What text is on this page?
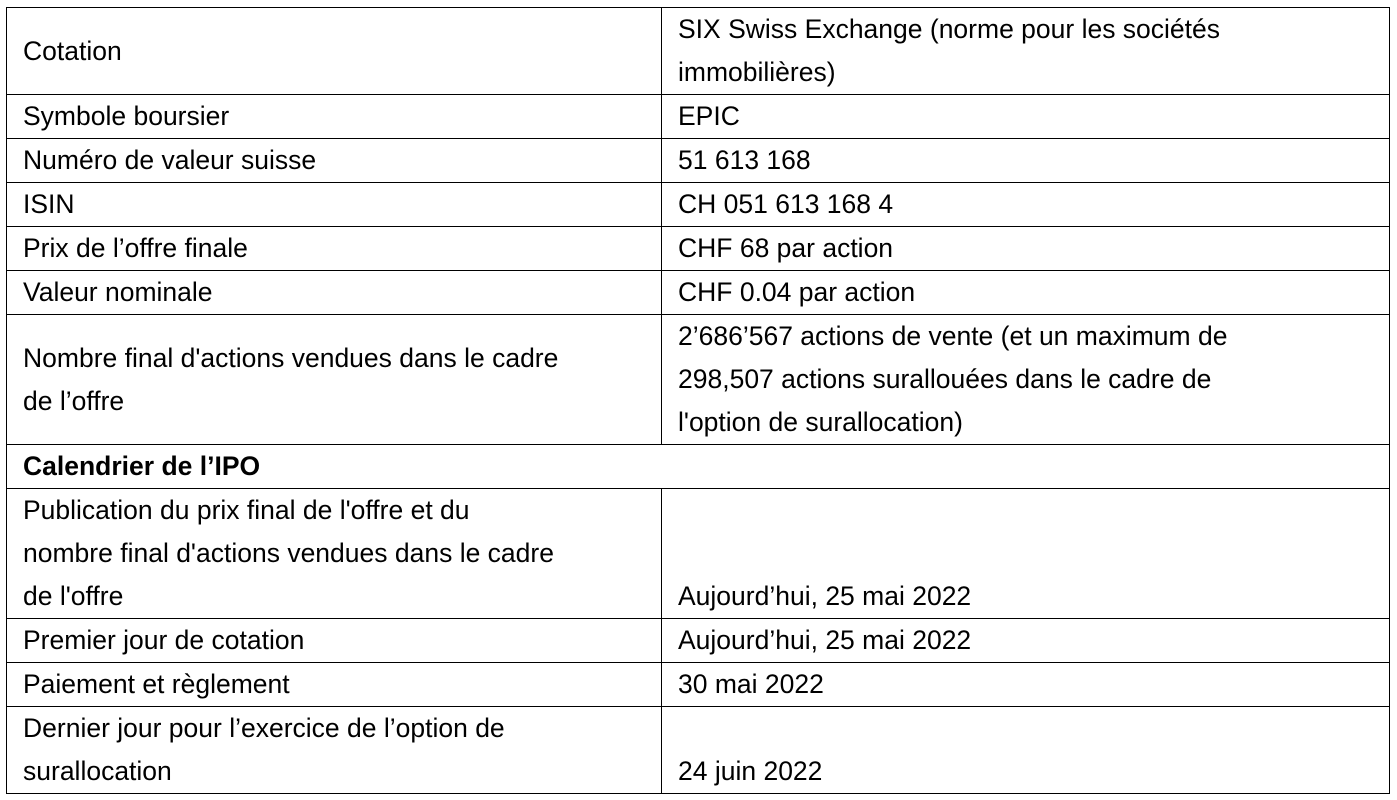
Cotation	SIX Swiss Exchange (norme pour les sociétés
immobilières)

Symbole boursier	EPIC

Numéro de valeur suisse	51 613 168

ISIN	CH 051 613 168 4

Prix de l’offre finale	CHF 68 par action

Valeur nominale	CHF 0.04 par action

Nombre final d'actions vendues dans le cadre
de l’offre	2’686’567 actions de vente (et un maximum de
298,507 actions surallouées dans le cadre de
l'option de surallocation)

Calendrier de l’IPO	

Publication du prix final de l'offre et du
nombre final d'actions vendues dans le cadre
de l'offre	Aujourd’hui, 25 mai 2022

Premier jour de cotation	Aujourd’hui, 25 mai 2022

Paiement et règlement	30 mai 2022

Dernier jour pour l’exercice de l’option de
surallocation	24 juin 2022
